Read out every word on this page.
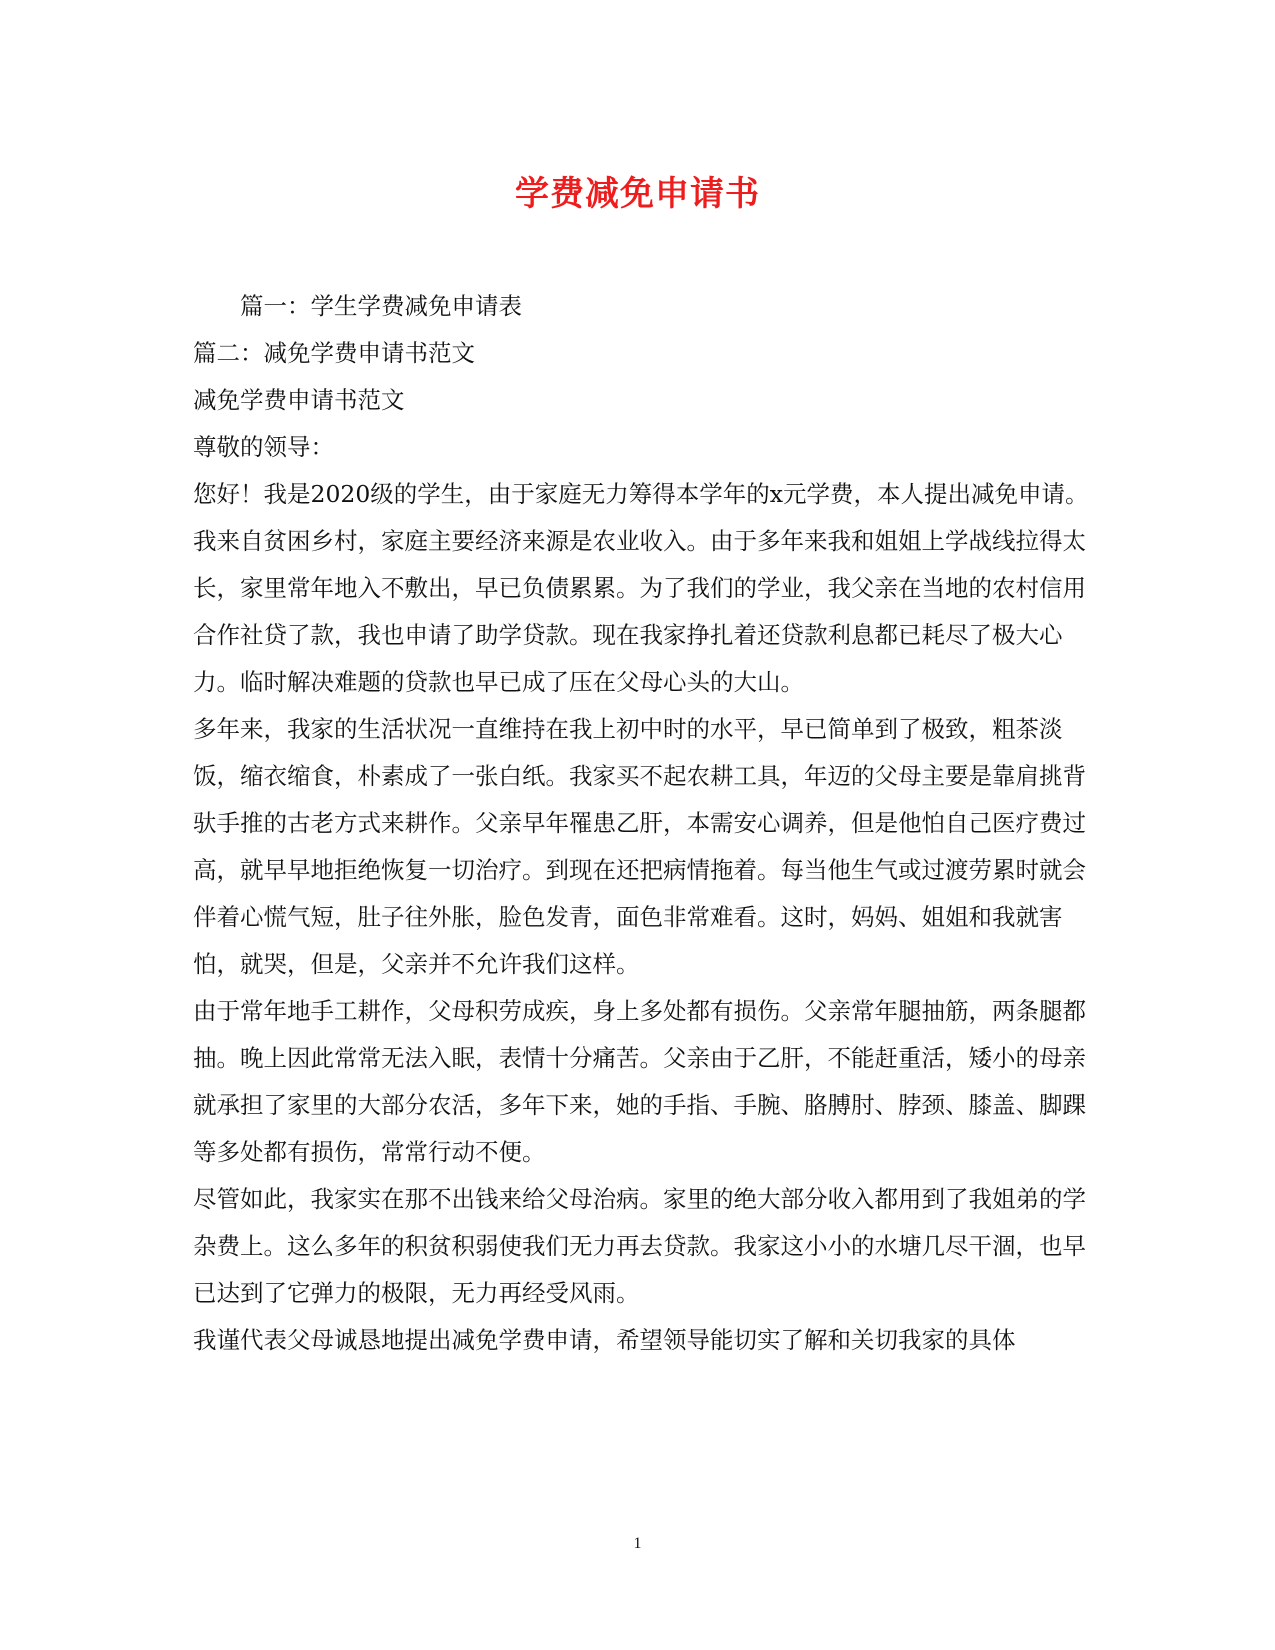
学费减免申请书

篇一：学生学费减免申请表

篇二：减免学费申请书范文

减免学费申请书范文

尊敬的领导：

您好！我是2020级的学生，由于家庭无力筹得本学年的x元学费，本人提出减免申请。

我来自贫困乡村，家庭主要经济来源是农业收入。由于多年来我和姐姐上学战线拉得太长，家里常年地入不敷出，早已负债累累。为了我们的学业，我父亲在当地的农村信用合作社贷了款，我也申请了助学贷款。现在我家挣扎着还贷款利息都已耗尽了极大心力。临时解决难题的贷款也早已成了压在父母心头的大山。

多年来，我家的生活状况一直维持在我上初中时的水平，早已简单到了极致，粗茶淡饭，缩衣缩食，朴素成了一张白纸。我家买不起农耕工具，年迈的父母主要是靠肩挑背驮手推的古老方式来耕作。父亲早年罹患乙肝，本需安心调养，但是他怕自己医疗费过高，就早早地拒绝恢复一切治疗。到现在还把病情拖着。每当他生气或过渡劳累时就会伴着心慌气短，肚子往外胀，脸色发青，面色非常难看。这时，妈妈、姐姐和我就害怕，就哭，但是，父亲并不允许我们这样。

由于常年地手工耕作，父母积劳成疾，身上多处都有损伤。父亲常年腿抽筋，两条腿都抽。晚上因此常常无法入眠，表情十分痛苦。父亲由于乙肝，不能赶重活，矮小的母亲就承担了家里的大部分农活，多年下来，她的手指、手腕、胳膊肘、脖颈、膝盖、脚踝等多处都有损伤，常常行动不便。

尽管如此，我家实在那不出钱来给父母治病。家里的绝大部分收入都用到了我姐弟的学杂费上。这么多年的积贫积弱使我们无力再去贷款。我家这小小的水塘几尽干涸，也早已达到了它弹力的极限，无力再经受风雨。

我谨代表父母诚恳地提出减免学费申请，希望领导能切实了解和关切我家的具体

1
